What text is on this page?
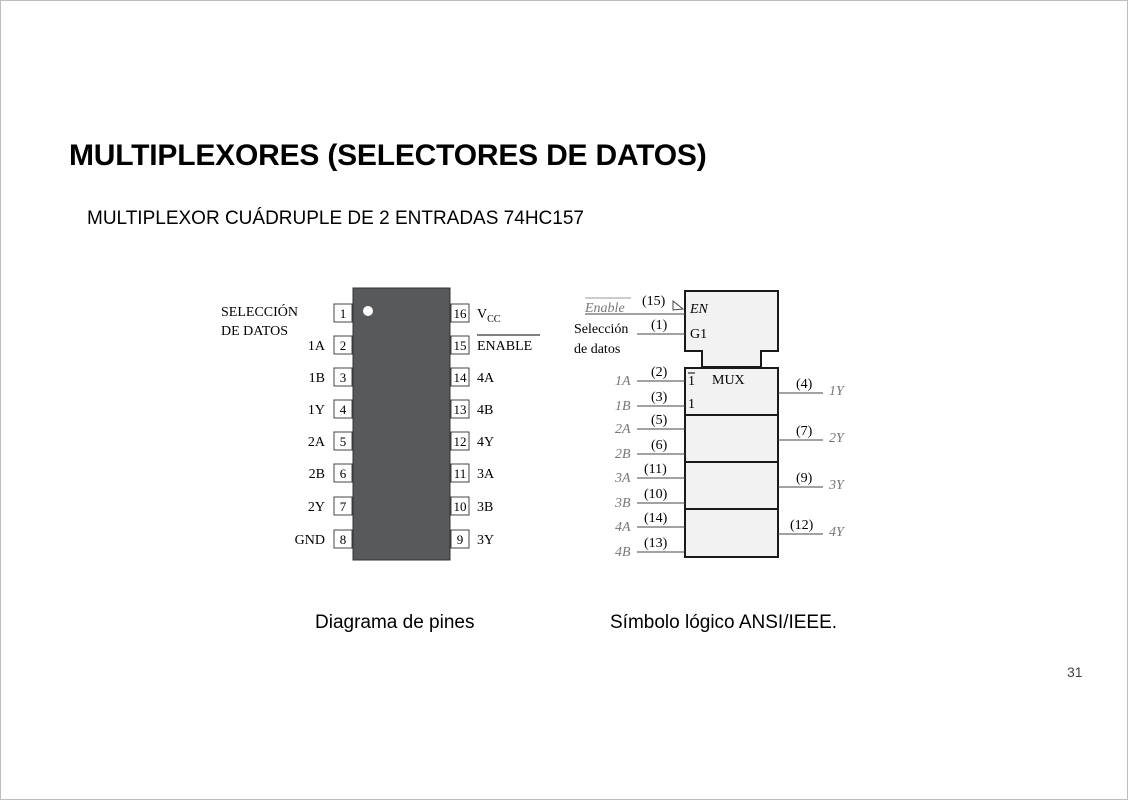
MULTIPLEXORES (SELECTORES DE DATOS)
MULTIPLEXOR CUÁDRUPLE DE 2 ENTRADAS 74HC157
SELECCIÓN
DE DATOS
1
2
1A
3
1B
4
1Y
5
2A
6
2B
7
2Y
8
GND
16 $V_{CC}$
15 ENABLE
14 4A
13 4B
12 4Y
11 3A
10 3B
9 3Y
EN
G1
Enable (15)
Selección
de datos
(1)
1
1
MUX
(2)
1A
(3)
1B
(5)
2A
(6)
2B
(11)
3A
(10)
3B
(14)
4A
(13)
4B
(4) 1Y
(7) 2Y
(9) 3Y
(12) 4Y
Diagrama de pines	Símbolo lógico ANSI/IEEE.
31
